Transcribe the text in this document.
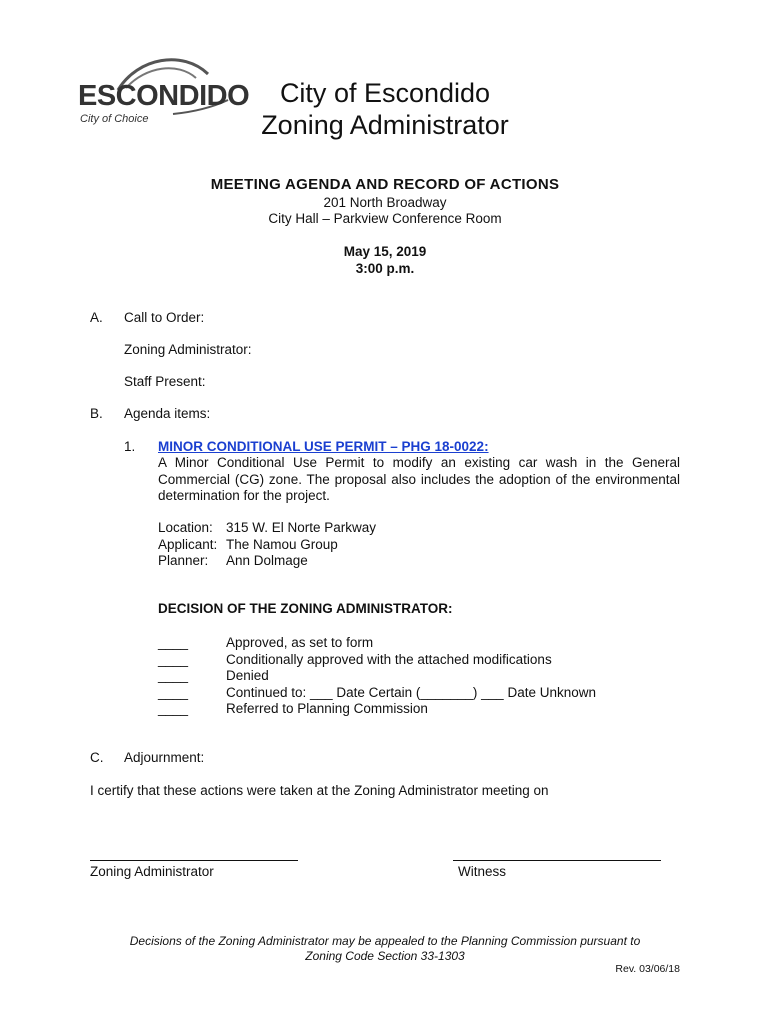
ESCONDIDO
City of Choice
City of Escondido
Zoning Administrator
MEETING AGENDA AND RECORD OF ACTIONS
201 North Broadway
City Hall – Parkview Conference Room
May 15, 2019
3:00 p.m.
A. Call to Order:
Zoning Administrator:
Staff Present:
B. Agenda items:
1. MINOR CONDITIONAL USE PERMIT – PHG 18-0022:
A Minor Conditional Use Permit to modify an existing car wash in the General Commercial (CG) zone. The proposal also includes the adoption of the environmental determination for the project.
Location: 315 W. El Norte Parkway
Applicant: The Namou Group
Planner: Ann Dolmage
DECISION OF THE ZONING ADMINISTRATOR:
____	Approved, as set to form
____	Conditionally approved with the attached modifications
____	Denied
____	Continued to: ___ Date Certain (_______) ___ Date Unknown
____	Referred to Planning Commission
C. Adjournment:
I certify that these actions were taken at the Zoning Administrator meeting on
Zoning Administrator	Witness
Decisions of the Zoning Administrator may be appealed to the Planning Commission pursuant to
Zoning Code Section 33-1303
Rev. 03/06/18
